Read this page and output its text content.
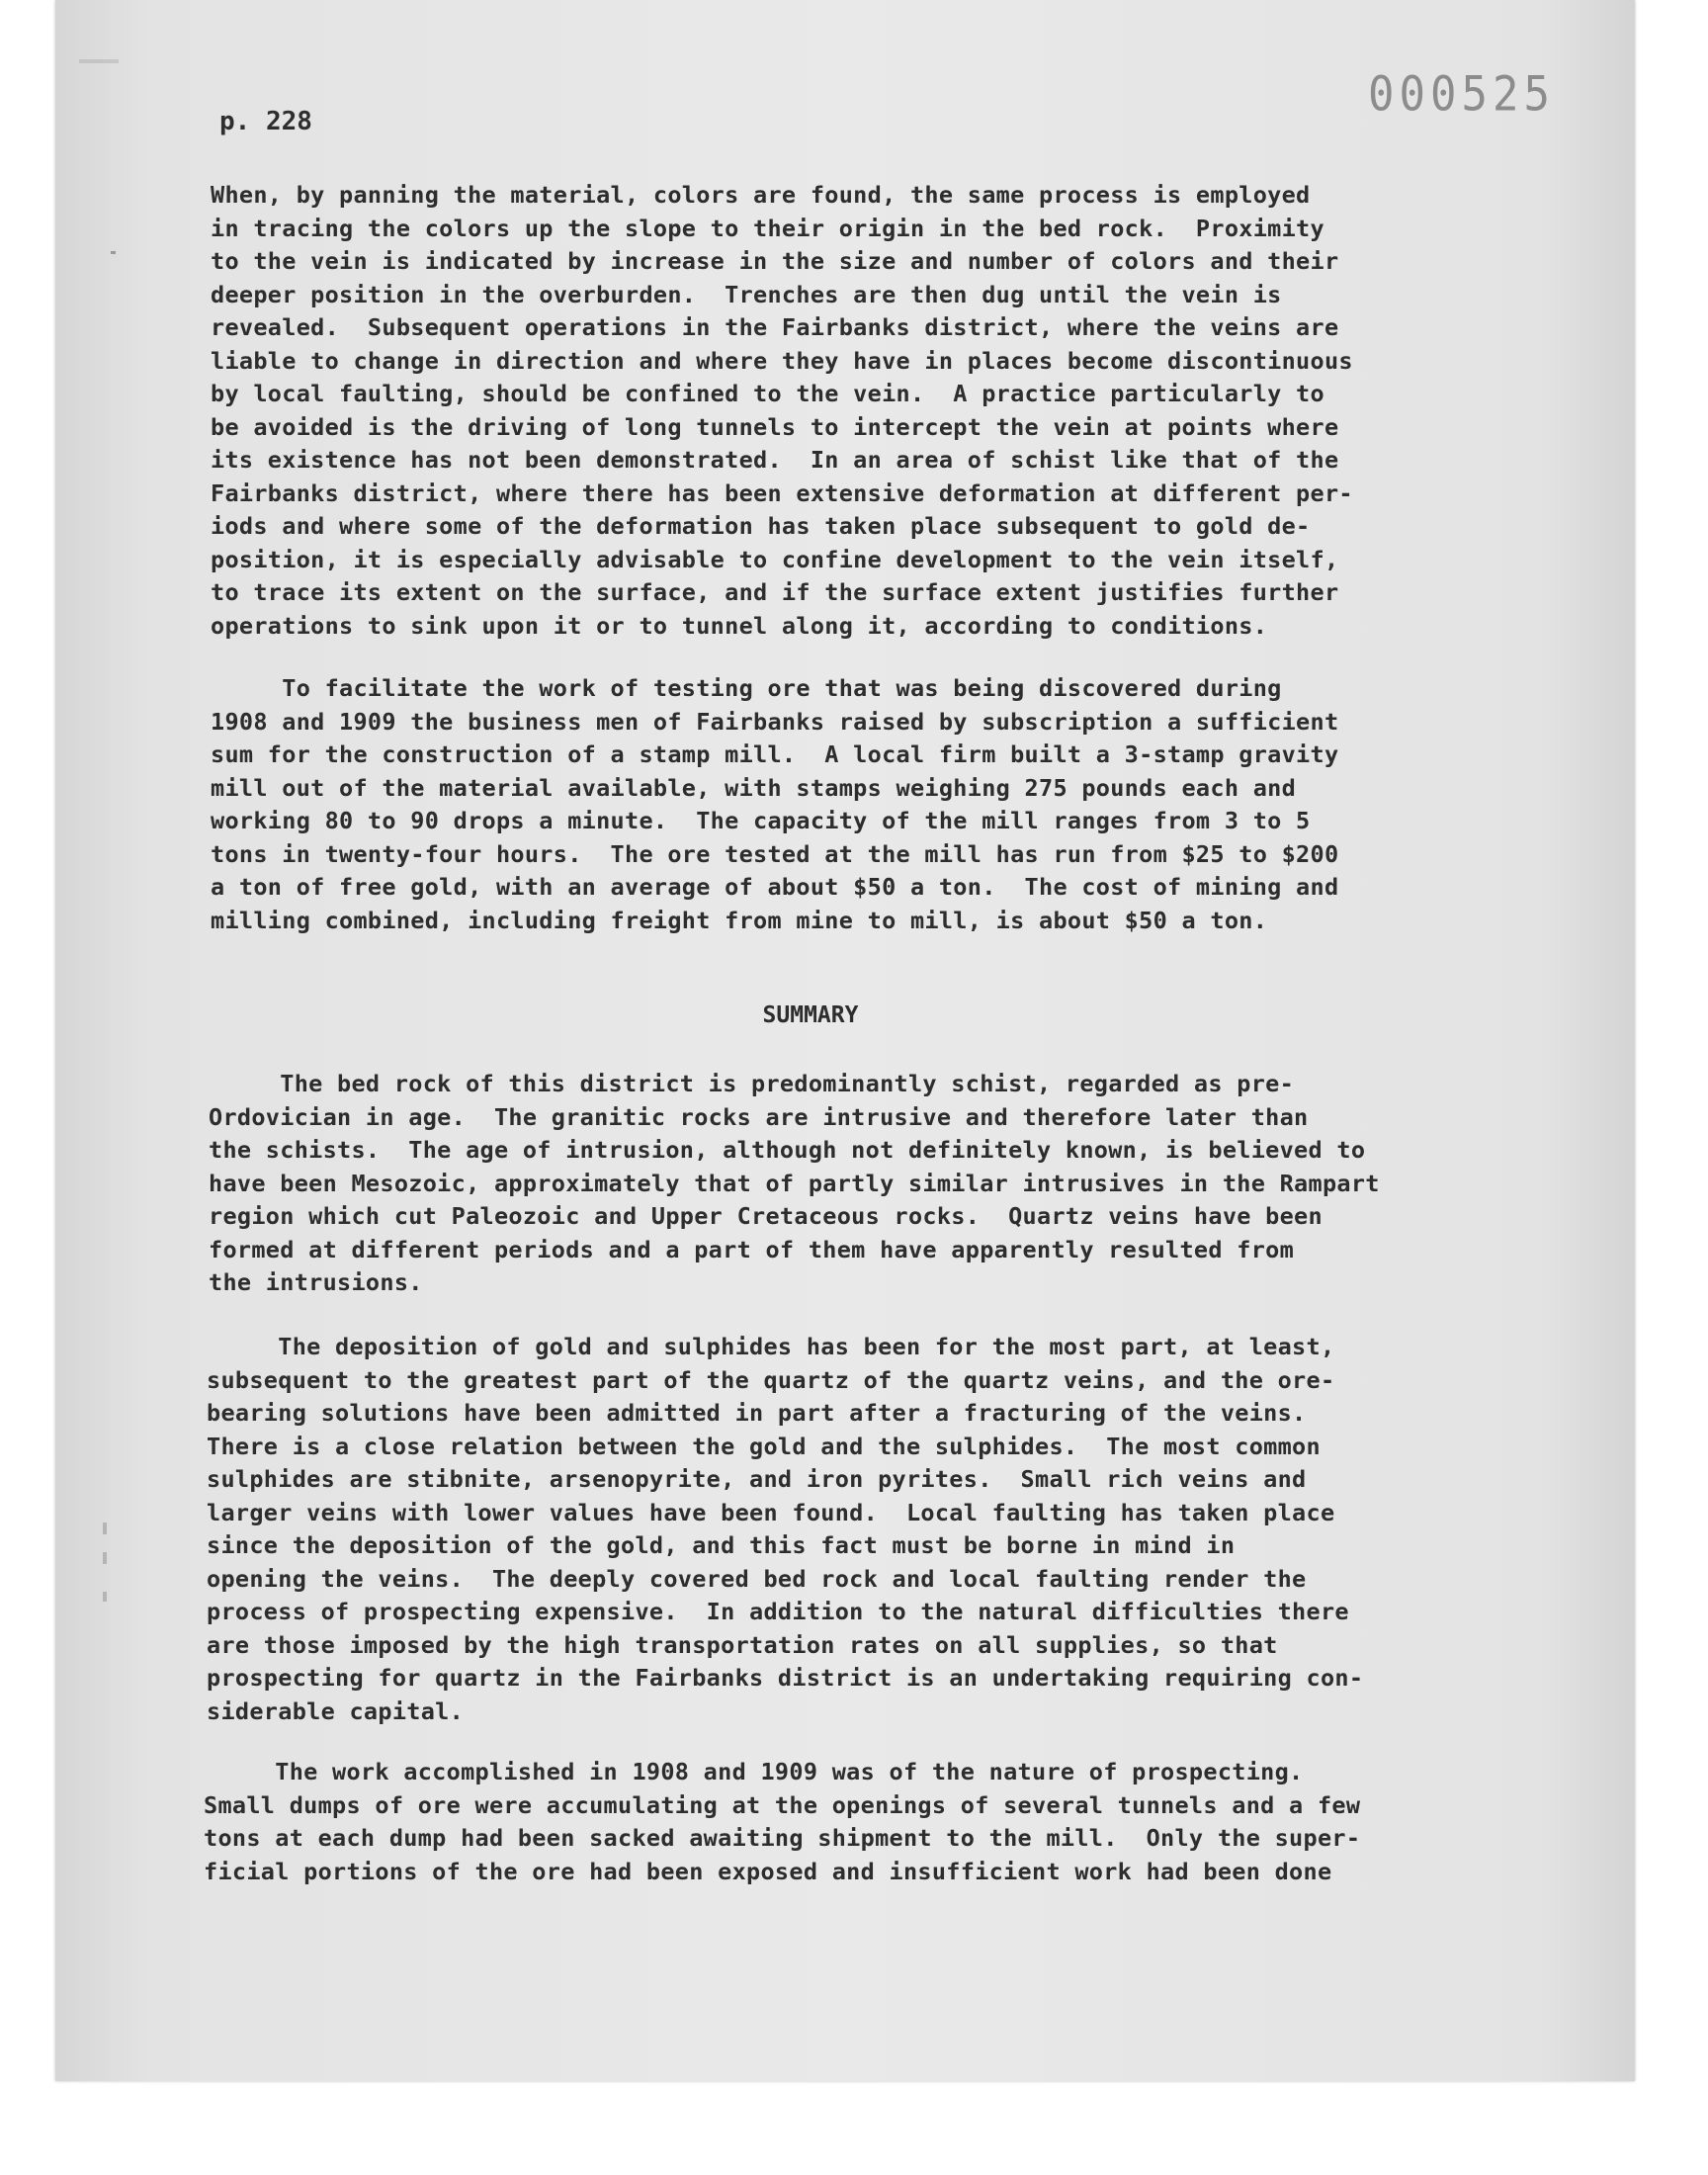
000525
p. 228
When, by panning the material, colors are found, the same process is employed
in tracing the colors up the slope to their origin in the bed rock.  Proximity
to the vein is indicated by increase in the size and number of colors and their
deeper position in the overburden.  Trenches are then dug until the vein is
revealed.  Subsequent operations in the Fairbanks district, where the veins are
liable to change in direction and where they have in places become discontinuous
by local faulting, should be confined to the vein.  A practice particularly to
be avoided is the driving of long tunnels to intercept the vein at points where
its existence has not been demonstrated.  In an area of schist like that of the
Fairbanks district, where there has been extensive deformation at different per-
iods and where some of the deformation has taken place subsequent to gold de-
position, it is especially advisable to confine development to the vein itself,
to trace its extent on the surface, and if the surface extent justifies further
operations to sink upon it or to tunnel along it, according to conditions.
To facilitate the work of testing ore that was being discovered during
1908 and 1909 the business men of Fairbanks raised by subscription a sufficient
sum for the construction of a stamp mill.  A local firm built a 3-stamp gravity
mill out of the material available, with stamps weighing 275 pounds each and
working 80 to 90 drops a minute.  The capacity of the mill ranges from 3 to 5
tons in twenty-four hours.  The ore tested at the mill has run from $25 to $200
a ton of free gold, with an average of about $50 a ton.  The cost of mining and
milling combined, including freight from mine to mill, is about $50 a ton.
SUMMARY
The bed rock of this district is predominantly schist, regarded as pre-
Ordovician in age.  The granitic rocks are intrusive and therefore later than
the schists.  The age of intrusion, although not definitely known, is believed to
have been Mesozoic, approximately that of partly similar intrusives in the Rampart
region which cut Paleozoic and Upper Cretaceous rocks.  Quartz veins have been
formed at different periods and a part of them have apparently resulted from
the intrusions.
The deposition of gold and sulphides has been for the most part, at least,
subsequent to the greatest part of the quartz of the quartz veins, and the ore-
bearing solutions have been admitted in part after a fracturing of the veins.
There is a close relation between the gold and the sulphides.  The most common
sulphides are stibnite, arsenopyrite, and iron pyrites.  Small rich veins and
larger veins with lower values have been found.  Local faulting has taken place
since the deposition of the gold, and this fact must be borne in mind in
opening the veins.  The deeply covered bed rock and local faulting render the
process of prospecting expensive.  In addition to the natural difficulties there
are those imposed by the high transportation rates on all supplies, so that
prospecting for quartz in the Fairbanks district is an undertaking requiring con-
siderable capital.
The work accomplished in 1908 and 1909 was of the nature of prospecting.
Small dumps of ore were accumulating at the openings of several tunnels and a few
tons at each dump had been sacked awaiting shipment to the mill.  Only the super-
ficial portions of the ore had been exposed and insufficient work had been done
